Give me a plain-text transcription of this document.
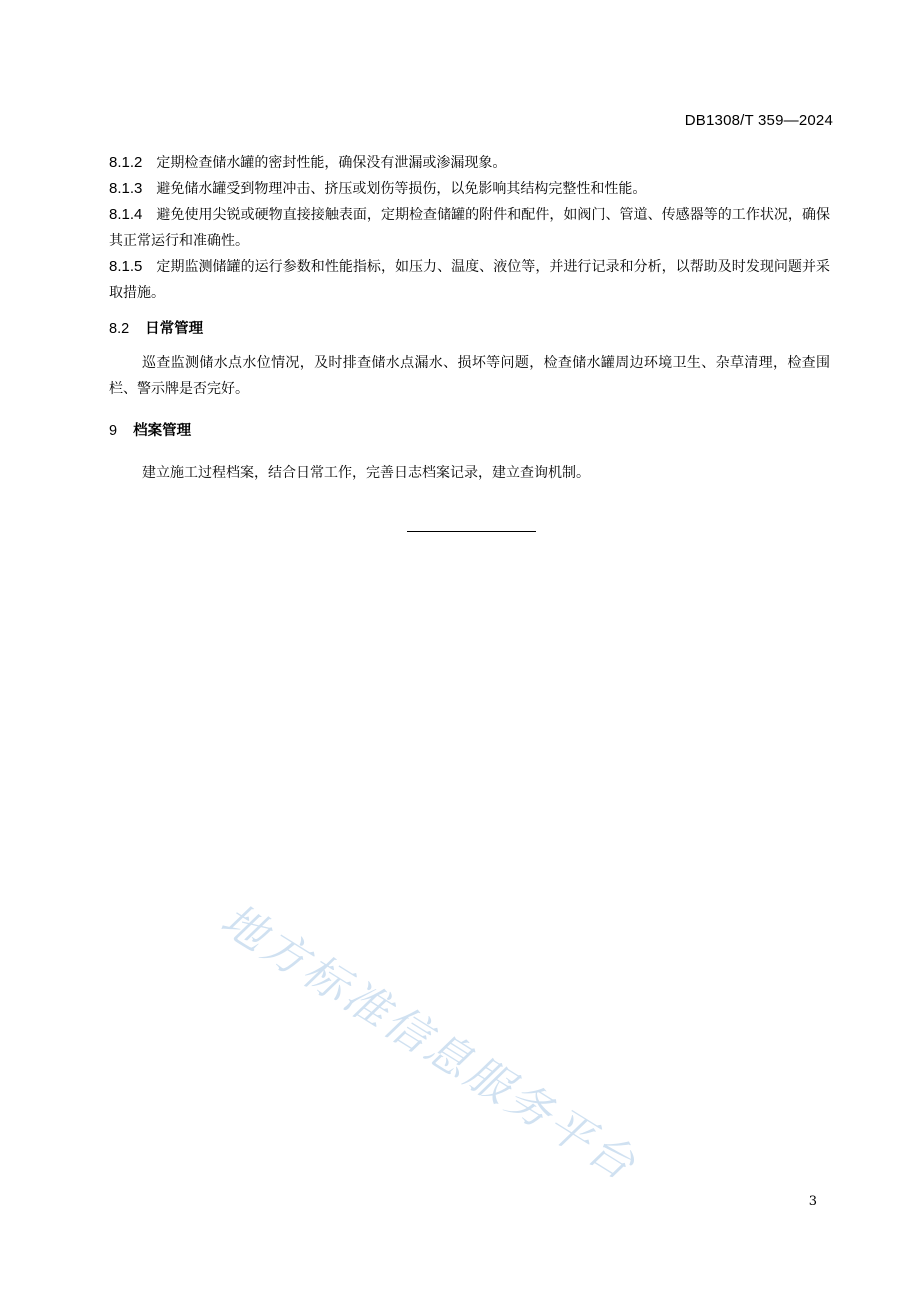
DB1308/T 359—2024
8.1.2 定期检查储水罐的密封性能，确保没有泄漏或渗漏现象。
8.1.3 避免储水罐受到物理冲击、挤压或划伤等损伤，以免影响其结构完整性和性能。
8.1.4 避免使用尖锐或硬物直接接触表面，定期检查储罐的附件和配件，如阀门、管道、传感器等的工作状况，确保其正常运行和准确性。
8.1.5 定期监测储罐的运行参数和性能指标，如压力、温度、液位等，并进行记录和分析，以帮助及时发现问题并采取措施。
8.2 日常管理
巡查监测储水点水位情况，及时排查储水点漏水、损坏等问题，检查储水罐周边环境卫生、杂草清理，检查围栏、警示牌是否完好。
9 档案管理
建立施工过程档案，结合日常工作，完善日志档案记录，建立查询机制。
地方标准信息服务平台
3
